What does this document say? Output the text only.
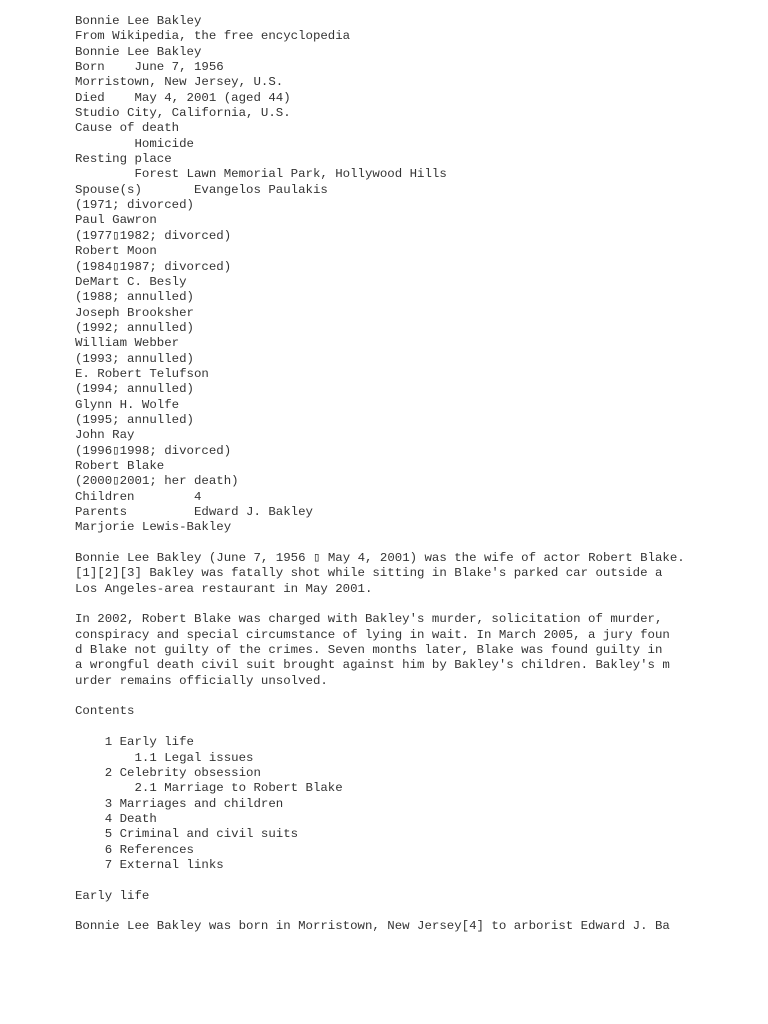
Bonnie Lee Bakley
From Wikipedia, the free encyclopedia
Bonnie Lee Bakley
Born    June 7, 1956
Morristown, New Jersey, U.S.
Died    May 4, 2001 (aged 44)
Studio City, California, U.S.
Cause of death
Homicide
Resting place
Forest Lawn Memorial Park, Hollywood Hills
Spouse(s)       Evangelos Paulakis
(1971; divorced)
Paul Gawron
(1977▯1982; divorced)
Robert Moon
(1984▯1987; divorced)
DeMart C. Besly
(1988; annulled)
Joseph Brooksher
(1992; annulled)
William Webber
(1993; annulled)
E. Robert Telufson
(1994; annulled)
Glynn H. Wolfe
(1995; annulled)
John Ray
(1996▯1998; divorced)
Robert Blake
(2000▯2001; her death)
Children        4
Parents         Edward J. Bakley
Marjorie Lewis-Bakley

Bonnie Lee Bakley (June 7, 1956 ▯ May 4, 2001) was the wife of actor Robert Blake.
[1][2][3] Bakley was fatally shot while sitting in Blake's parked car outside a
Los Angeles-area restaurant in May 2001.

In 2002, Robert Blake was charged with Bakley's murder, solicitation of murder,
conspiracy and special circumstance of lying in wait. In March 2005, a jury foun
d Blake not guilty of the crimes. Seven months later, Blake was found guilty in
a wrongful death civil suit brought against him by Bakley's children. Bakley's m
urder remains officially unsolved.

Contents

1 Early life
1.1 Legal issues
2 Celebrity obsession
2.1 Marriage to Robert Blake
3 Marriages and children
4 Death
5 Criminal and civil suits
6 References
7 External links

Early life

Bonnie Lee Bakley was born in Morristown, New Jersey[4] to arborist Edward J. Ba
